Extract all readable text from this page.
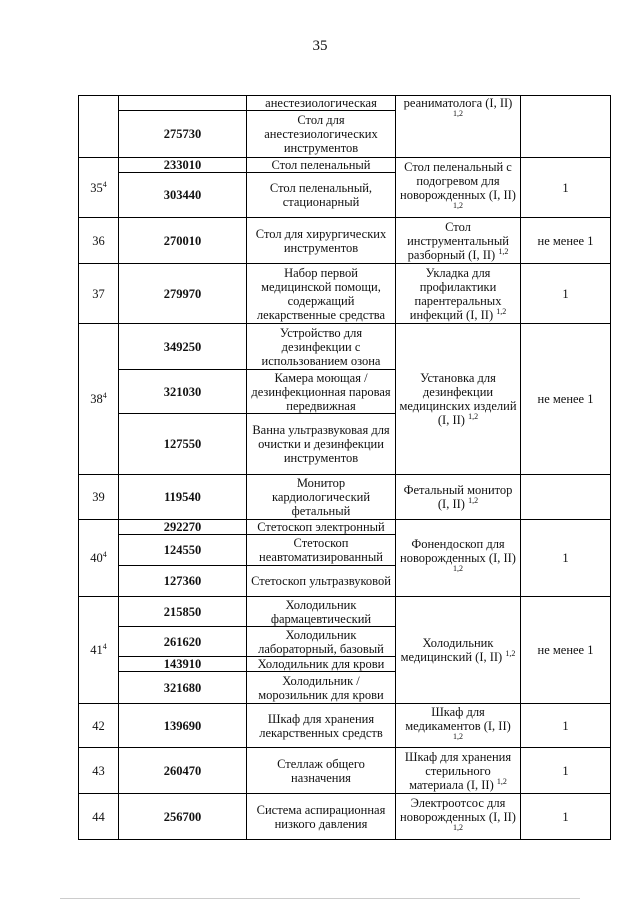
35
		анестезиологическая	реаниматолога (I, II) $^{1,2}$	
	275730	Стол для анестезиологических инструментов		
$35^4$	233010	Стол пеленальный	Стол пеленальный с подогревом для новорожденных (I, II) $^{1,2}$	1
	303440	Стол пеленальный, стационарный		
36	270010	Стол для хирургических инструментов	Стол инструментальный разборный (I, II) $^{1,2}$	не менее 1
37	279970	Набор первой медицинской помощи, содержащий лекарственные средства	Укладка для профилактики парентеральных инфекций (I, II) $^{1,2}$	1
$38^4$	349250	Устройство для дезинфекции с использованием озона	Установка для дезинфекции медицинских изделий (I, II) $^{1,2}$	не менее 1
	321030	Камера моющая /дезинфекционная паровая передвижная		
	127550	Ванна ультразвуковая для очистки и дезинфекции инструментов		
39	119540	Монитор кардиологический фетальный	Фетальный монитор (I, II) $^{1,2}$	
$40^4$	292270	Стетоскоп электронный	Фонендоскоп для новорожденных (I, II) $^{1,2}$	1
	124550	Стетоскоп неавтоматизированный		
	127360	Стетоскоп ультразвуковой		
$41^4$	215850	Холодильник фармацевтический	Холодильник медицинский (I, II) $^{1,2}$	не менее 1
	261620	Холодильник лабораторный, базовый		
	143910	Холодильник для крови		
	321680	Холодильник /морозильник для крови		
42	139690	Шкаф для хранения лекарственных средств	Шкаф для медикаментов (I, II) $^{1,2}$	1
43	260470	Стеллаж общего назначения	Шкаф для хранения стерильного материала (I, II) $^{1,2}$	1
44	256700	Система аспирационная низкого давления	Электроотсос для новорожденных (I, II) $^{1,2}$	1
